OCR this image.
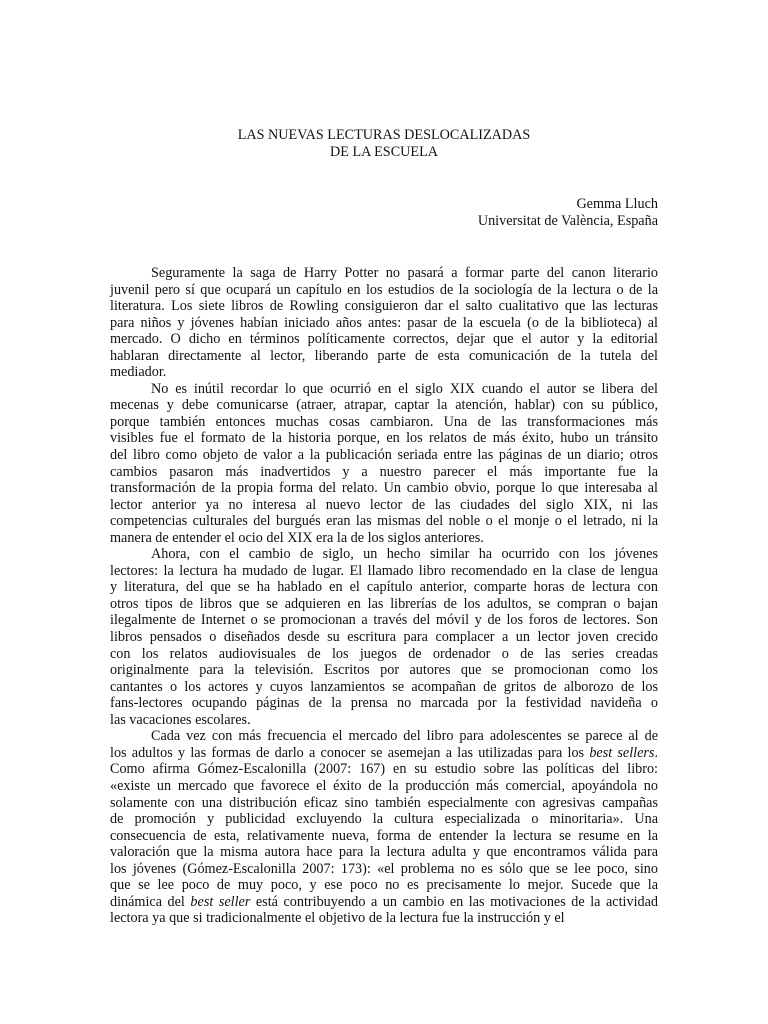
LAS NUEVAS LECTURAS DESLOCALIZADAS
DE LA ESCUELA
Gemma Lluch
Universitat de València, España

Seguramente la saga de Harry Potter no pasará a formar parte del canon literario
juvenil pero sí que ocupará un capítulo en los estudios de la sociología de la lectura o de la
literatura. Los siete libros de Rowling consiguieron dar el salto cualitativo que las lecturas
para niños y jóvenes habían iniciado años antes: pasar de la escuela (o de la biblioteca) al
mercado. O dicho en términos políticamente correctos, dejar que el autor y la editorial
hablaran directamente al lector, liberando parte de esta comunicación de la tutela del
mediador.

No es inútil recordar lo que ocurrió en el siglo XIX cuando el autor se libera del
mecenas y debe comunicarse (atraer, atrapar, captar la atención, hablar) con su público,
porque también entonces muchas cosas cambiaron. Una de las transformaciones más
visibles fue el formato de la historia porque, en los relatos de más éxito, hubo un tránsito
del libro como objeto de valor a la publicación seriada entre las páginas de un diario; otros
cambios pasaron más inadvertidos y a nuestro parecer el más importante fue la
transformación de la propia forma del relato. Un cambio obvio, porque lo que interesaba al
lector anterior ya no interesa al nuevo lector de las ciudades del siglo XIX, ni las
competencias culturales del burgués eran las mismas del noble o el monje o el letrado, ni la
manera de entender el ocio del XIX era la de los siglos anteriores.

Ahora, con el cambio de siglo, un hecho similar ha ocurrido con los jóvenes
lectores: la lectura ha mudado de lugar. El llamado libro recomendado en la clase de lengua
y literatura, del que se ha hablado en el capítulo anterior, comparte horas de lectura con
otros tipos de libros que se adquieren en las librerías de los adultos, se compran o bajan
ilegalmente de Internet o se promocionan a través del móvil y de los foros de lectores. Son
libros pensados o diseñados desde su escritura para complacer a un lector joven crecido
con los relatos audiovisuales de los juegos de ordenador o de las series creadas
originalmente para la televisión. Escritos por autores que se promocionan como los
cantantes o los actores y cuyos lanzamientos se acompañan de gritos de alborozo de los
fans-lectores ocupando páginas de la prensa no marcada por la festividad navideña o
las vacaciones escolares.

Cada vez con más frecuencia el mercado del libro para adolescentes se parece al de
los adultos y las formas de darlo a conocer se asemejan a las utilizadas para los best sellers.
Como afirma Gómez-Escalonilla (2007: 167) en su estudio sobre las políticas del libro:
«existe un mercado que favorece el éxito de la producción más comercial, apoyándola no
solamente con una distribución eficaz sino también especialmente con agresivas campañas
de promoción y publicidad excluyendo la cultura especializada o minoritaria». Una
consecuencia de esta, relativamente nueva, forma de entender la lectura se resume en la
valoración que la misma autora hace para la lectura adulta y que encontramos válida para
los jóvenes (Gómez-Escalonilla 2007: 173): «el problema no es sólo que se lee poco, sino
que se lee poco de muy poco, y ese poco no es precisamente lo mejor. Sucede que la
dinámica del best seller está contribuyendo a un cambio en las motivaciones de la actividad
lectora ya que si tradicionalmente el objetivo de la lectura fue la instrucción y el
